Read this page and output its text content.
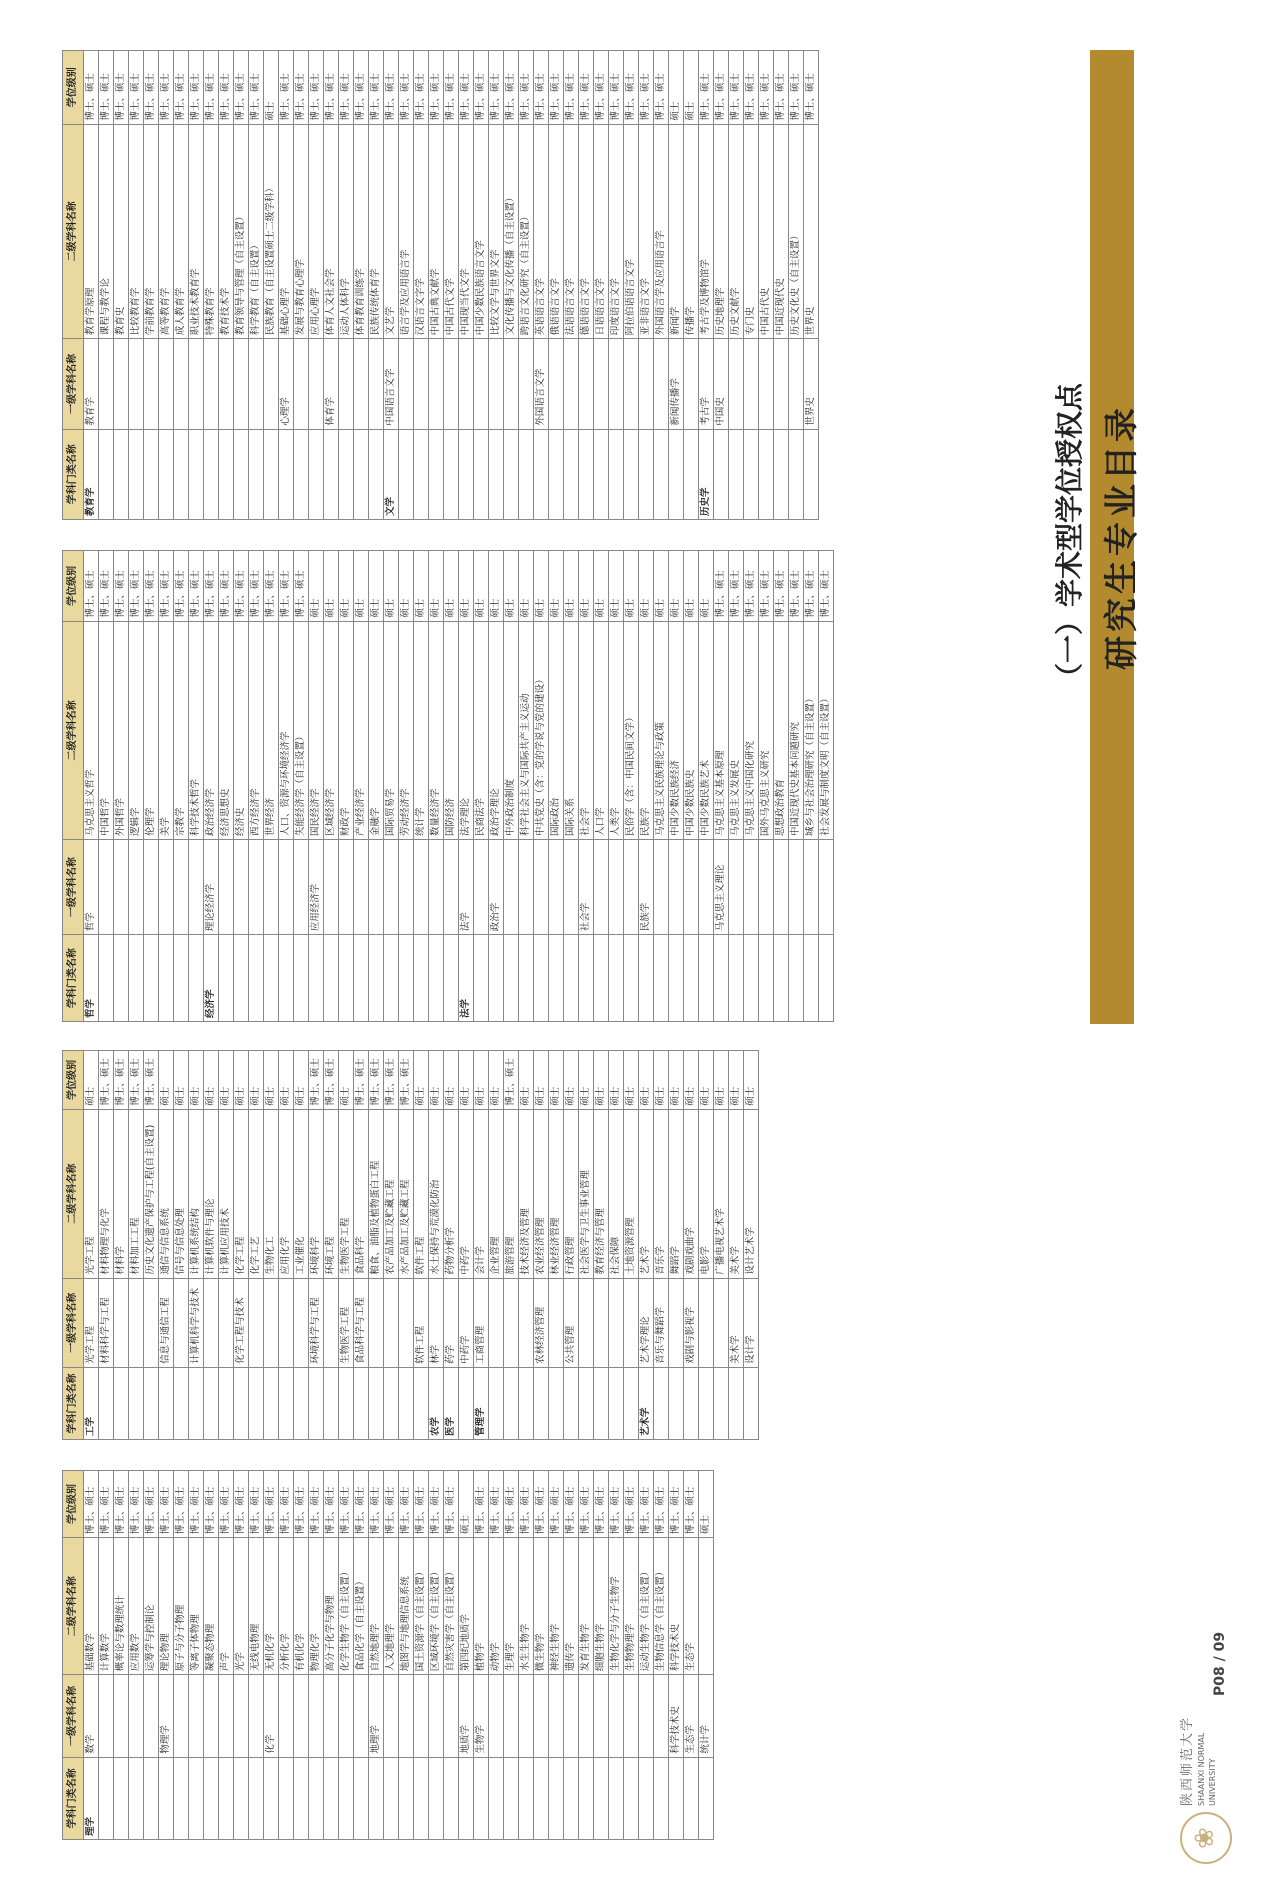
研究生专业目录
（一）学术型学位授权点
学科门类名称	一级学科名称	二级学科名称	学位级别
哲学	哲学	马克思主义哲学	博士、硕士
		中国哲学	博士、硕士
		外国哲学	博士、硕士
		逻辑学	博士、硕士
		伦理学	博士、硕士
		美学	博士、硕士
		宗教学	博士、硕士
		科学技术哲学	博士、硕士
经济学	理论经济学	政治经济学	博士、硕士
		经济思想史	博士、硕士
		经济史	博士、硕士
		西方经济学	博士、硕士
		世界经济	博士、硕士
		人口、资源与环境经济学	博士、硕士
		失能经济学（自主设置）	博士、硕士
	应用经济学	国民经济学	硕士
		区域经济学	硕士
		财政学	硕士
		产业经济学	硕士
		金融学	硕士
		国际贸易学	硕士
		劳动经济学	硕士
		统计学	硕士
		数量经济学	硕士
		国防经济	硕士
法学	法学	法学理论	硕士
		民商法学	硕士
	政治学	政治学理论	硕士
		中外政治制度	硕士
		科学社会主义与国际共产主义运动	硕士
		中共党史（含：党的学说与党的建设）	硕士
		国际政治	硕士
		国际关系	硕士
	社会学	社会学	硕士
		人口学	硕士
		人类学	硕士
		民俗学（含：中国民间文学）	硕士
	民族学	民族学	硕士
		马克思主义民族理论与政策	硕士
		中国少数民族经济	硕士
		中国少数民族史	硕士
		中国少数民族艺术	硕士
	马克思主义理论	马克思主义基本原理	博士、硕士
		马克思主义发展史	博士、硕士
		马克思主义中国化研究	博士、硕士
		国外马克思主义研究	博士、硕士
		思想政治教育	博士、硕士
		中国近现代史基本问题研究	博士、硕士
		城乡与社会治理研究（自主设置）	博士、硕士
		社会发展与制度文明（自主设置）	博士、硕士
学科门类名称	一级学科名称	二级学科名称	学位级别
教育学	教育学	教育学原理	博士、硕士
		课程与教学论	博士、硕士
		教育史	博士、硕士
		比较教育学	博士、硕士
		学前教育学	博士、硕士
		高等教育学	博士、硕士
		成人教育学	博士、硕士
		职业技术教育学	博士、硕士
		特殊教育学	博士、硕士
		教育技术学	博士、硕士
		教育领导与管理（自主设置）	博士、硕士
		科学教育（自主设置）	博士、硕士
		民族教育（自主设置硕士二级学科）	硕士
	心理学	基础心理学	博士、硕士
		发展与教育心理学	博士、硕士
		应用心理学	博士、硕士
	体育学	体育人文社会学	博士、硕士
		运动人体科学	博士、硕士
		体育教育训练学	博士、硕士
		民族传统体育学	博士、硕士
文学	中国语言文学	文艺学	博士、硕士
		语言学及应用语言学	博士、硕士
		汉语言文字学	博士、硕士
		中国古典文献学	博士、硕士
		中国古代文学	博士、硕士
		中国现当代文学	博士、硕士
		中国少数民族语言文学	博士、硕士
		比较文学与世界文学	博士、硕士
		文化传播与文化传播（自主设置）	博士、硕士
		跨语言文化研究（自主设置）	博士、硕士
	外国语言文学	英语语言文学	博士、硕士
		俄语语言文学	博士、硕士
		法语语言文学	博士、硕士
		德语语言文学	博士、硕士
		日语语言文学	博士、硕士
		印度语言文学	博士、硕士
		阿拉伯语语言文学	博士、硕士
		亚非语言文学	博士、硕士
		外国语言学及应用语言学	博士、硕士
	新闻传播学	新闻学	硕士
		传播学	硕士
历史学	考古学	考古学及博物馆学	博士、硕士
	中国史	历史地理学	博士、硕士
		历史文献学	博士、硕士
		专门史	博士、硕士
		中国古代史	博士、硕士
		中国近现代史	博士、硕士
		历史文化史（自主设置）	博士、硕士
	世界史	世界史	博士、硕士
学科门类名称	一级学科名称	二级学科名称	学位级别
理学	数学	基础数学	博士、硕士
		计算数学	博士、硕士
		概率论与数理统计	博士、硕士
		应用数学	博士、硕士
		运筹学与控制论	博士、硕士
	物理学	理论物理	博士、硕士
		原子与分子物理	博士、硕士
		等离子体物理	博士、硕士
		凝聚态物理	博士、硕士
		声学	博士、硕士
		光学	博士、硕士
		无线电物理	博士、硕士
	化学	无机化学	博士、硕士
		分析化学	博士、硕士
		有机化学	博士、硕士
		物理化学	博士、硕士
		高分子化学与物理	博士、硕士
		化学生物学（自主设置）	博士、硕士
		食品化学（自主设置）	博士、硕士
	地理学	自然地理学	博士、硕士
		人文地理学	博士、硕士
		地图学与地理信息系统	博士、硕士
		国土资源学（自主设置）	博士、硕士
		区域环境学（自主设置）	博士、硕士
		自然灾害学（自主设置）	博士、硕士
	地质学	第四纪地质学	硕士
	生物学	植物学	博士、硕士
		动物学	博士、硕士
		生理学	博士、硕士
		水生生物学	博士、硕士
		微生物学	博士、硕士
		神经生物学	博士、硕士
		遗传学	博士、硕士
		发育生物学	博士、硕士
		细胞生物学	博士、硕士
		生物化学与分子生物学	博士、硕士
		生物物理学	博士、硕士
		运动生物学（自主设置）	博士、硕士
		生物信息学（自主设置）	博士、硕士
	科学技术史	科学技术史	博士、硕士
	生态学	生态学	博士、硕士
	统计学		硕士
学科门类名称	一级学科名称	二级学科名称	学位级别
工学	光学工程	光学工程	硕士
	材料科学与工程	材料物理与化学	博士、硕士
		材料学	博士、硕士
		材料加工工程	博士、硕士
		历史文化遗产保护与工程(自主设置)	博士、硕士
	信息与通信工程	通信与信息系统	硕士
		信号与信息处理	硕士
	计算机科学与技术	计算机系统结构	硕士
		计算机软件与理论	硕士
		计算机应用技术	硕士
	化学工程与技术	化学工程	硕士
		化学工艺	硕士
		生物化工	硕士
		应用化学	硕士
		工业催化	硕士
	环境科学与工程	环境科学	博士、硕士
		环境工程	博士、硕士
	生物医学工程	生物医学工程	硕士
	食品科学与工程	食品科学	博士、硕士
		粮食、油脂及植物蛋白工程	博士、硕士
		农产品加工及贮藏工程	博士、硕士
		水产品加工及贮藏工程	博士、硕士
	软件工程	软件工程	硕士
农学	林学	水土保持与荒漠化防治	硕士
医学	药学	药物分析学	硕士
	中药学	中药学	硕士
管理学	工商管理	会计学	硕士
		企业管理	硕士
		旅游管理	博士、硕士
		技术经济及管理	硕士
	农林经济管理	农业经济管理	硕士
		林业经济管理	硕士
	公共管理	行政管理	硕士
		社会医学与卫生事业管理	硕士
		教育经济与管理	硕士
		社会保障	硕士
		土地资源管理	硕士
艺术学	艺术学理论	艺术学	硕士
	音乐与舞蹈学	音乐学	硕士
		舞蹈学	硕士
	戏剧与影视学	戏剧戏曲学	硕士
		电影学	硕士
		广播电视艺术学	硕士
	美术学	美术学	硕士
	设计学	设计艺术学	硕士
❀
陕西师范大学 SHAANXI NORMAL UNIVERSITY
P08 / 09
